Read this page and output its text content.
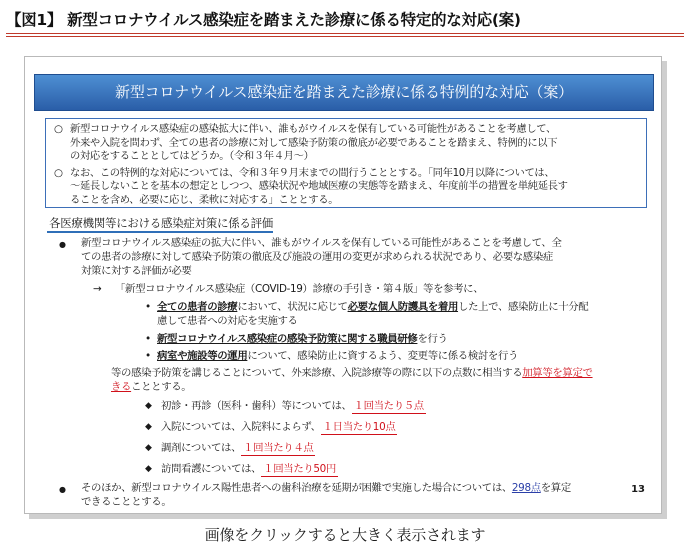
【図1】 新型コロナウイルス感染症を踏まえた診療に係る特定的な対応(案)
新型コロナウイルス感染症を踏まえた診療に係る特例的な対応（案）
○ 新型コロナウイルス感染症の感染拡大に伴い、誰もがウイルスを保有している可能性があることを考慮して、
外来や入院を問わず、全ての患者の診療に対して感染予防策の徹底が必要であることを踏まえ、特例的に以下
の対応をすることとしてはどうか。（令和３年４月～）
○ なお、この特例的な対応については、令和３年９月末までの間行うこととする。「同年10月以降については、
～延長しないことを基本の想定としつつ、感染状況や地域医療の実態等を踏まえ、年度前半の措置を単純延長す
ることを含め、必要に応じ、柔軟に対応する」こととする。
各医療機関等における感染症対策に係る評価
● 新型コロナウイルス感染症の拡大に伴い、誰もがウイルスを保有している可能性があることを考慮して、全
ての患者の診療に対して感染予防策の徹底及び施設の運用の変更が求められる状況であり、必要な感染症
対策に対する評価が必要
→ 「新型コロナウイルス感染症（COVID-19）診療の手引き・第４版」等を参考に、
• 全ての患者の診療において、状況に応じて必要な個人防護具を着用した上で、感染防止に十分配
慮して患者への対応を実施する
• 新型コロナウイルス感染症の感染予防策に関する職員研修を行う
• 病室や施設等の運用について、感染防止に資するよう、変更等に係る検討を行う
等の感染予防策を講じることについて、外来診療、入院診療等の際に以下の点数に相当する加算等を算定で
きることとする。
◆ 初診・再診（医科・歯科）等については、 １回当たり５点
◆ 入院については、入院料によらず、 １日当たり10点
◆ 調剤については、 １回当たり４点
◆ 訪問看護については、 １回当たり50円
● そのほか、新型コロナウイルス陽性患者への歯科治療を延期が困難で実施した場合については、298点を算定
できることとする。
13
画像をクリックすると大きく表示されます
